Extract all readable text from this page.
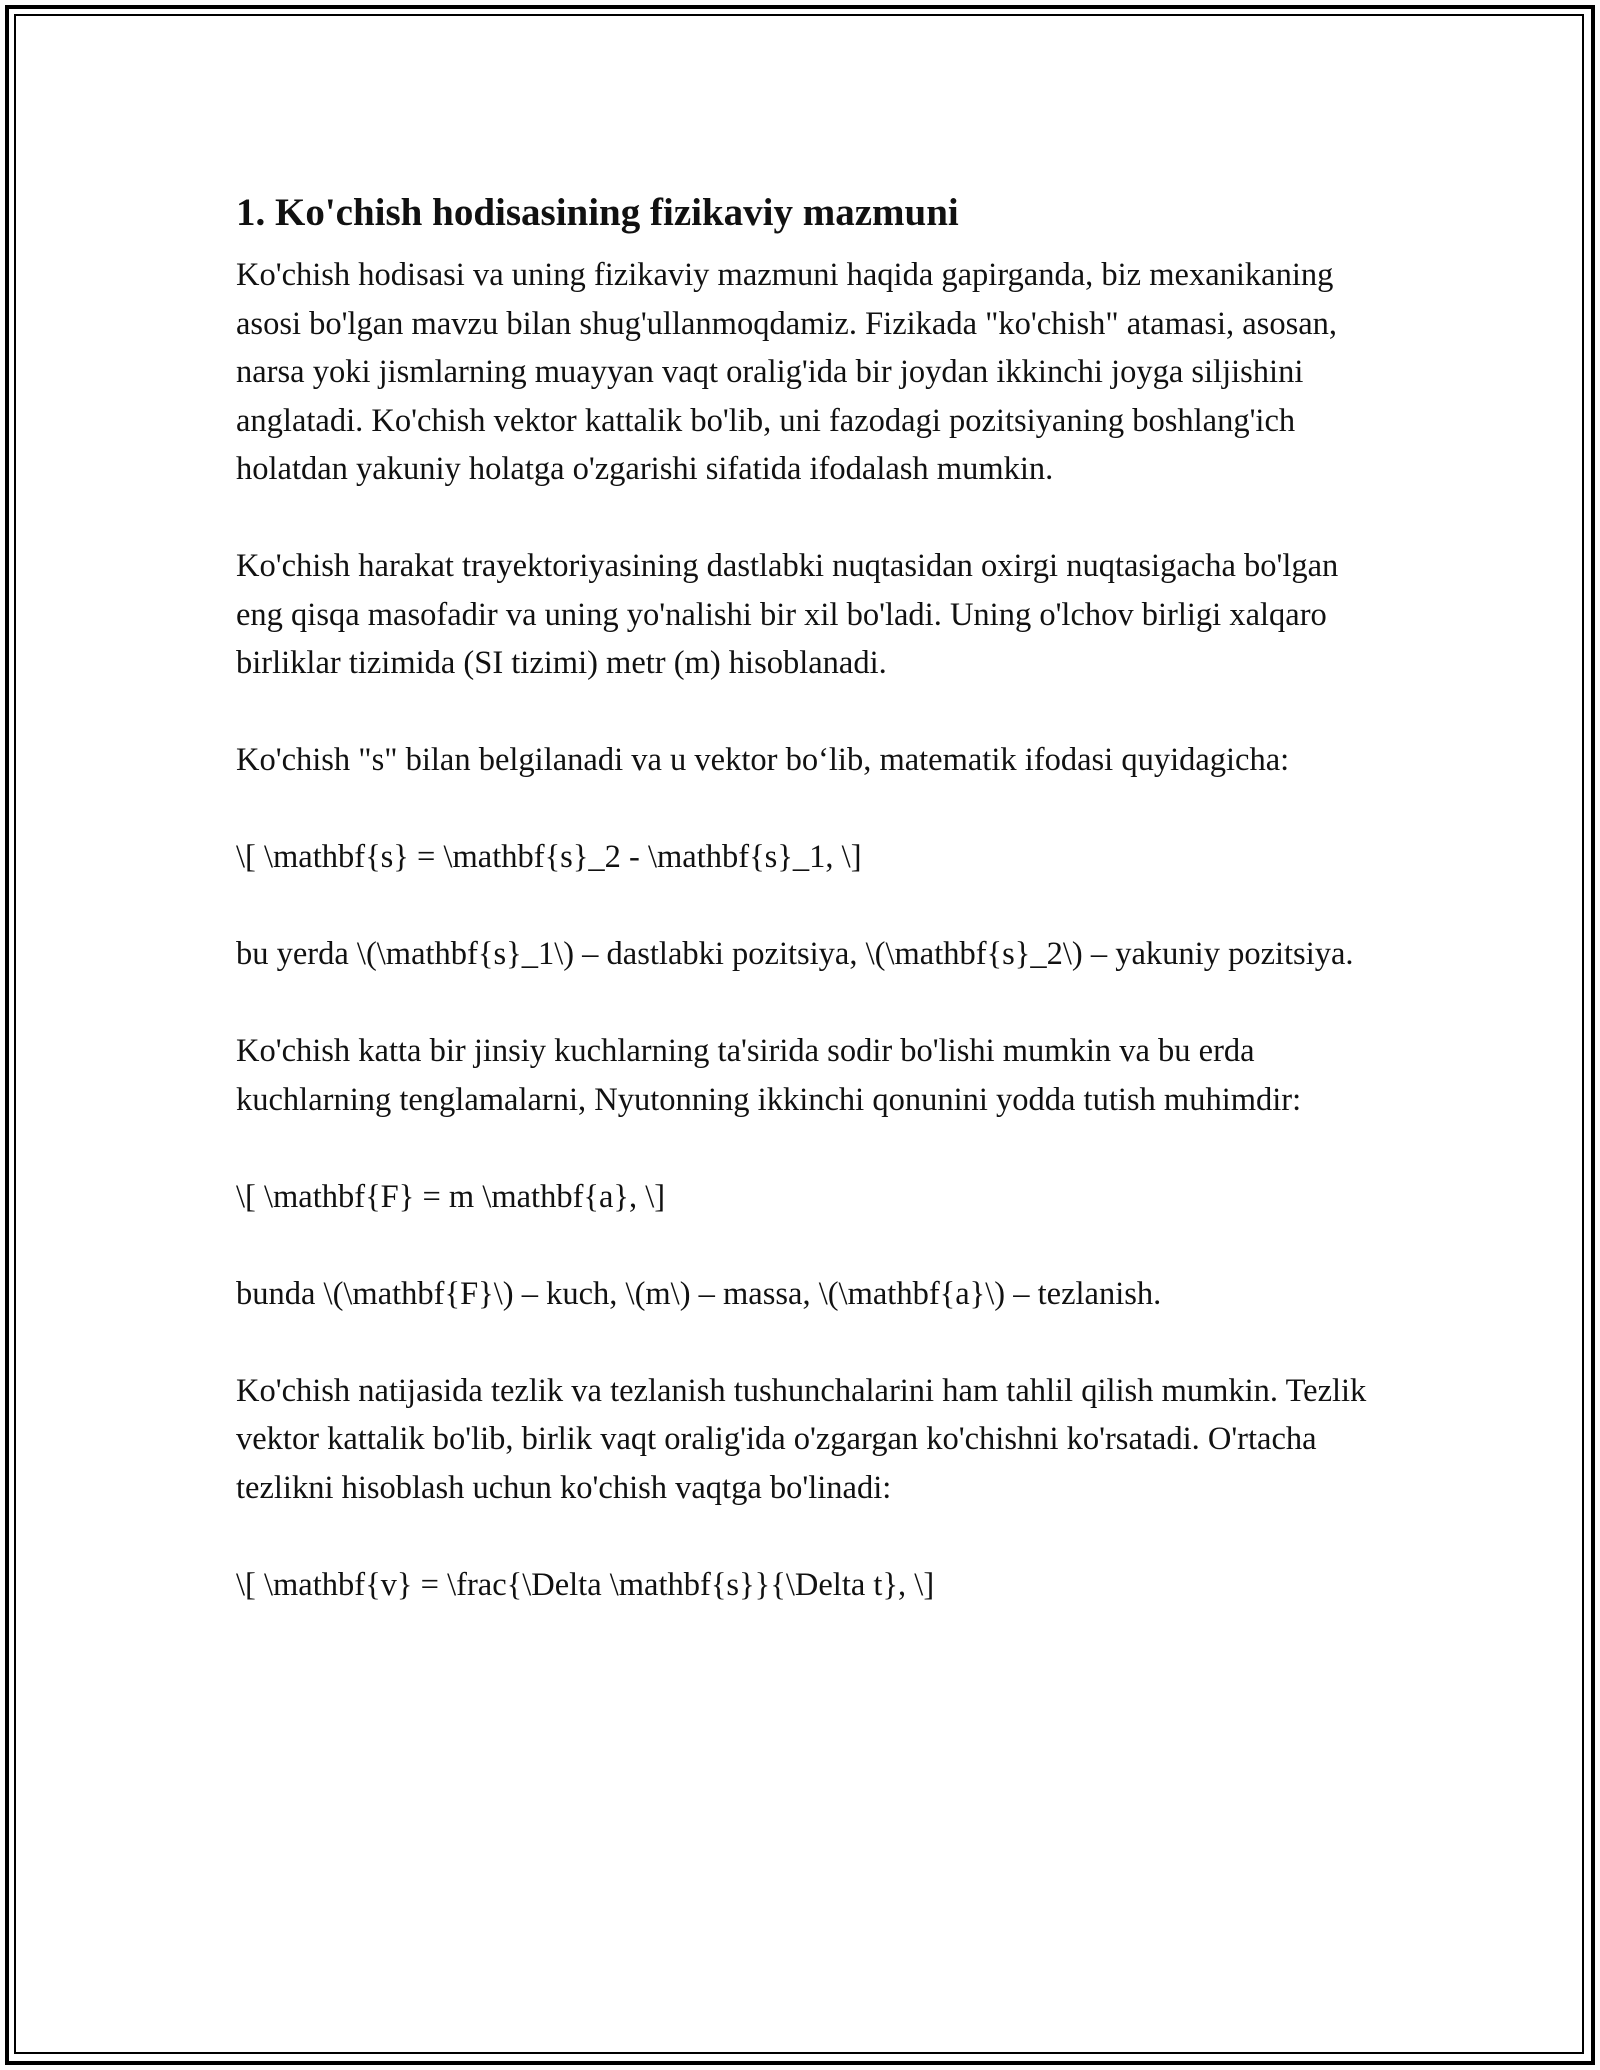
1. Ko'chish hodisasining fizikaviy mazmuni

Ko'chish hodisasi va uning fizikaviy mazmuni haqida gapirganda, biz mexanikaning asosi bo'lgan mavzu bilan shug'ullanmoqdamiz. Fizikada "ko'chish" atamasi, asosan, narsa yoki jismlarning muayyan vaqt oralig'ida bir joydan ikkinchi joyga siljishini anglatadi. Ko'chish vektor kattalik bo'lib, uni fazodagi pozitsiyaning boshlang'ich holatdan yakuniy holatga o'zgarishi sifatida ifodalash mumkin.

Ko'chish harakat trayektoriyasining dastlabki nuqtasidan oxirgi nuqtasigacha bo'lgan eng qisqa masofadir va uning yo'nalishi bir xil bo'ladi. Uning o'lchov birligi xalqaro birliklar tizimida (SI tizimi) metr (m) hisoblanadi.

Ko'chish "s" bilan belgilanadi va u vektor bo‘lib, matematik ifodasi quyidagicha:

\[ \mathbf{s} = \mathbf{s}_2 - \mathbf{s}_1, \]

bu yerda \(\mathbf{s}_1\) – dastlabki pozitsiya, \(\mathbf{s}_2\) – yakuniy pozitsiya.

Ko'chish katta bir jinsiy kuchlarning ta'sirida sodir bo'lishi mumkin va bu erda kuchlarning tenglamalarni, Nyutonning ikkinchi qonunini yodda tutish muhimdir:

\[ \mathbf{F} = m \mathbf{a}, \]

bunda \(\mathbf{F}\) – kuch, \(m\) – massa, \(\mathbf{a}\) – tezlanish.

Ko'chish natijasida tezlik va tezlanish tushunchalarini ham tahlil qilish mumkin. Tezlik vektor kattalik bo'lib, birlik vaqt oralig'ida o'zgargan ko'chishni ko'rsatadi. O'rtacha tezlikni hisoblash uchun ko'chish vaqtga bo'linadi:

\[ \mathbf{v} = \frac{\Delta \mathbf{s}}{\Delta t}, \]
